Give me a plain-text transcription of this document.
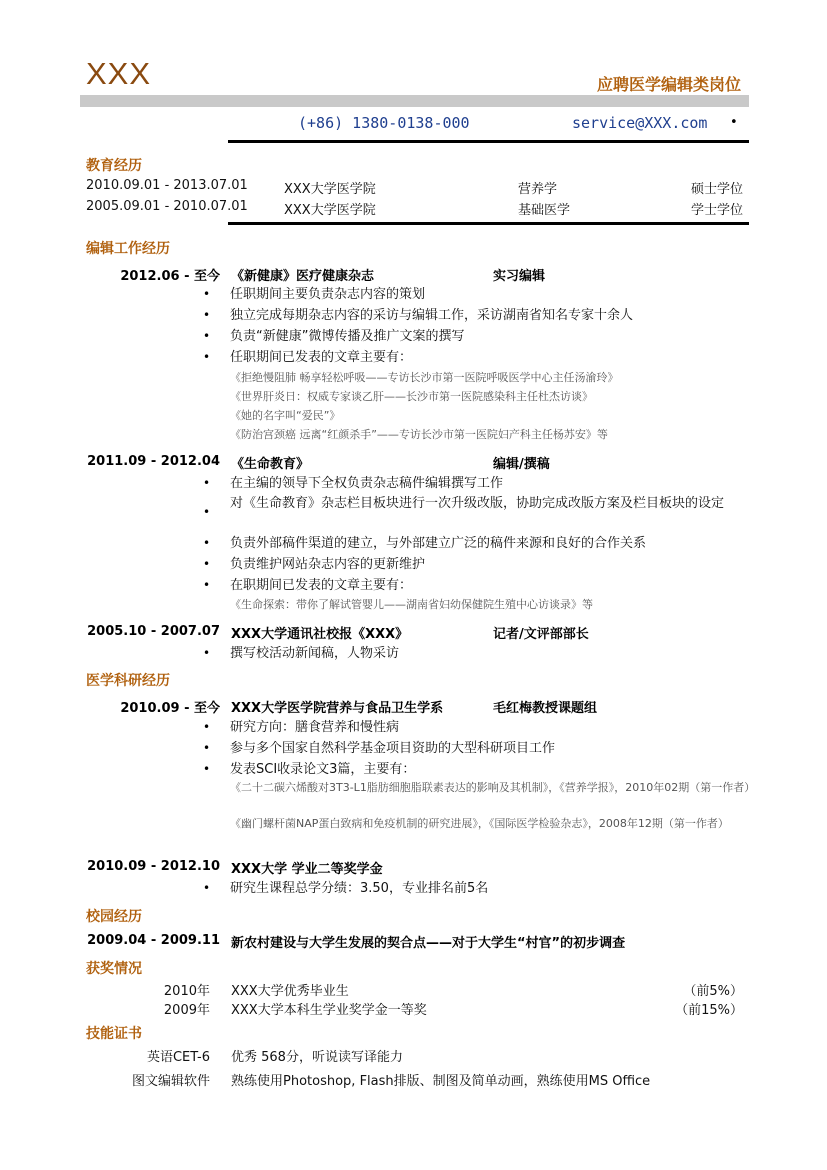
XXX	应聘医学编辑类岗位
(+86) 1380-0138-000	service@XXX.com •
教育经历
2010.09.01 - 2013.07.01	XXX大学医学院	营养学	硕士学位
2005.09.01 - 2010.07.01	XXX大学医学院	基础医学	学士学位
编辑工作经历
2012.06 - 至今 《新健康》医疗健康杂志	实习编辑
• 任职期间主要负责杂志内容的策划
• 独立完成每期杂志内容的采访与编辑工作，采访湖南省知名专家十余人
• 负责“新健康”微博传播及推广文案的撰写
• 任职期间已发表的文章主要有：
《拒绝慢阻肺 畅享轻松呼吸——专访长沙市第一医院呼吸医学中心主任汤渝玲》
《世界肝炎日：权威专家谈乙肝——长沙市第一医院感染科主任杜杰访谈》
《她的名字叫“爱民”》
《防治宫颈癌 远离“红颜杀手”——专访长沙市第一医院妇产科主任杨苏安》等
2011.09 - 2012.04 《生命教育》	编辑/撰稿
• 在主编的领导下全权负责杂志稿件编辑撰写工作
•
对《生命教育》杂志栏目板块进行一次升级改版，协助完成改版方案及栏目板块的设定
• 负责外部稿件渠道的建立，与外部建立广泛的稿件来源和良好的合作关系
• 负责维护网站杂志内容的更新维护
• 在职期间已发表的文章主要有：
《生命探索：带你了解试管婴儿——湖南省妇幼保健院生殖中心访谈录》等
2005.10 - 2007.07 XXX大学通讯社校报《XXX》	记者/文评部部长
• 撰写校活动新闻稿，人物采访
医学科研经历
2010.09 - 至今 XXX大学医学院营养与食品卫生学系	毛红梅教授课题组
• 研究方向：膳食营养和慢性病
• 参与多个国家自然科学基金项目资助的大型科研项目工作
• 发表SCI收录论文3篇，主要有：
《二十二碳六烯酸对3T3-L1脂肪细胞脂联素表达的影响及其机制》，《营养学报》，2010年02期（第一作者）
《幽门螺杆菌NAP蛋白致病和免疫机制的研究进展》，《国际医学检验杂志》，2008年12期（第一作者）
2010.09 - 2012.10 XXX大学 学业二等奖学金
• 研究生课程总学分绩：3.50，专业排名前5名
校园经历
2009.04 - 2009.11 新农村建设与大学生发展的契合点——对于大学生“村官”的初步调查
获奖情况
2010年 XXX大学优秀毕业生	（前5%）
2009年 XXX大学本科生学业奖学金一等奖	（前15%）
技能证书
英语CET-6 优秀 568分，听说读写译能力
图文编辑软件 熟练使用Photoshop, Flash排版、制图及简单动画，熟练使用MS Office
